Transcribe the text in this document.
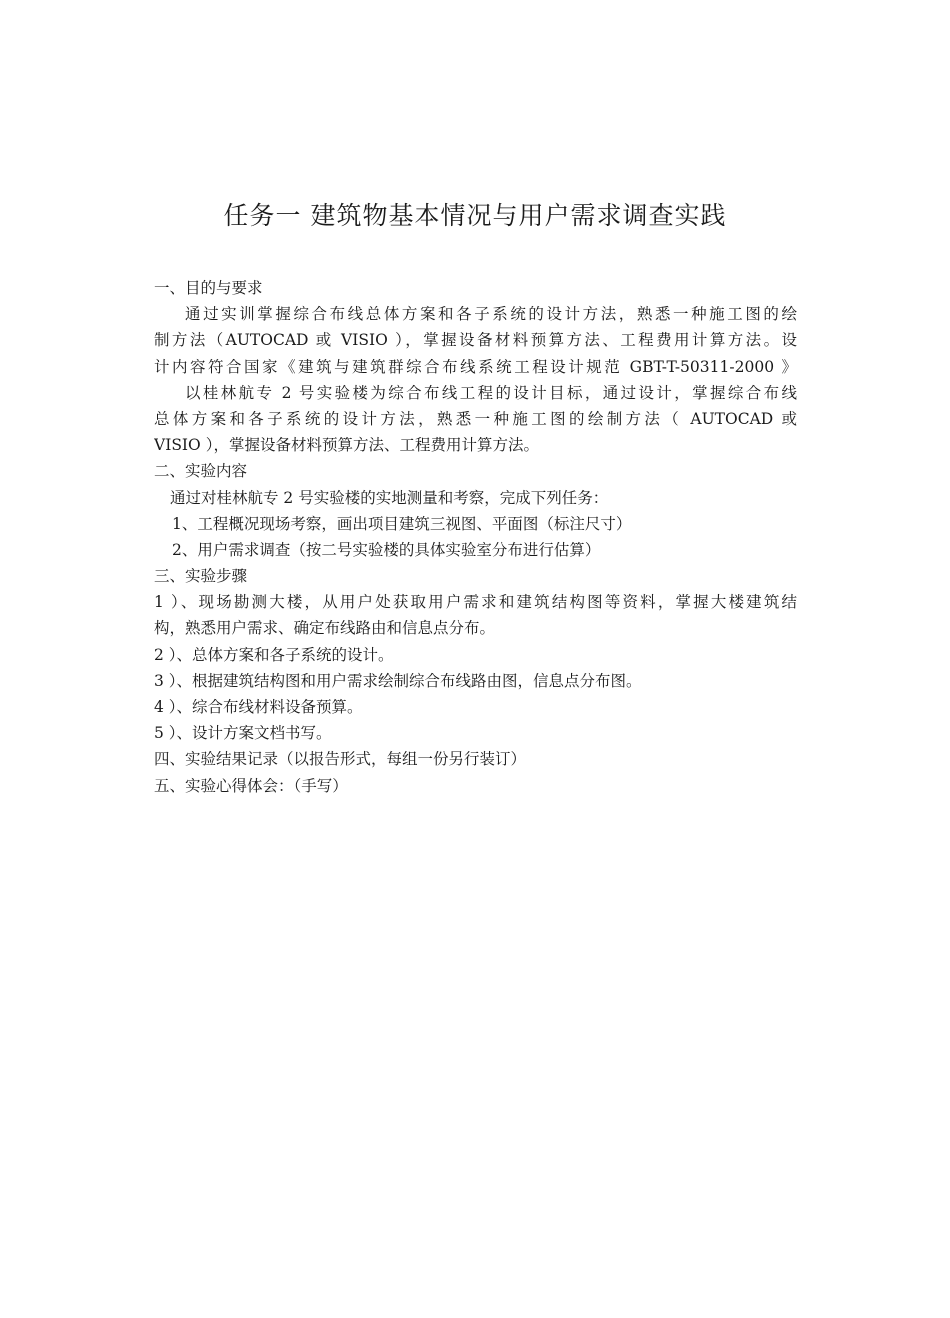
任务一 建筑物基本情况与用户需求调查实践
一、目的与要求
通过实训掌握综合布线总体方案和各子系统的设计方法，熟悉一种施工图的绘
制方法（AUTOCAD 或 VISIO ），掌握设备材料预算方法、工程费用计算方法。设
计内容符合国家《建筑与建筑群综合布线系统工程设计规范 GBT-T-50311-2000 》
以桂林航专 2 号实验楼为综合布线工程的设计目标，通过设计，掌握综合布线
总体方案和各子系统的设计方法，熟悉一种施工图的绘制方法（ AUTOCAD 或
VISIO ），掌握设备材料预算方法、工程费用计算方法。
二、实验内容
通过对桂林航专 2 号实验楼的实地测量和考察，完成下列任务：
1、工程概况现场考察，画出项目建筑三视图、平面图（标注尺寸）
2、用户需求调查（按二号实验楼的具体实验室分布进行估算）
三、实验步骤
1 ）、现场勘测大楼，从用户处获取用户需求和建筑结构图等资料，掌握大楼建筑结
构，熟悉用户需求、确定布线路由和信息点分布。
2 ）、总体方案和各子系统的设计。
3 ）、根据建筑结构图和用户需求绘制综合布线路由图，信息点分布图。
4 ）、综合布线材料设备预算。
5 ）、设计方案文档书写。
四、实验结果记录（以报告形式，每组一份另行装订）
五、实验心得体会：（手写）
